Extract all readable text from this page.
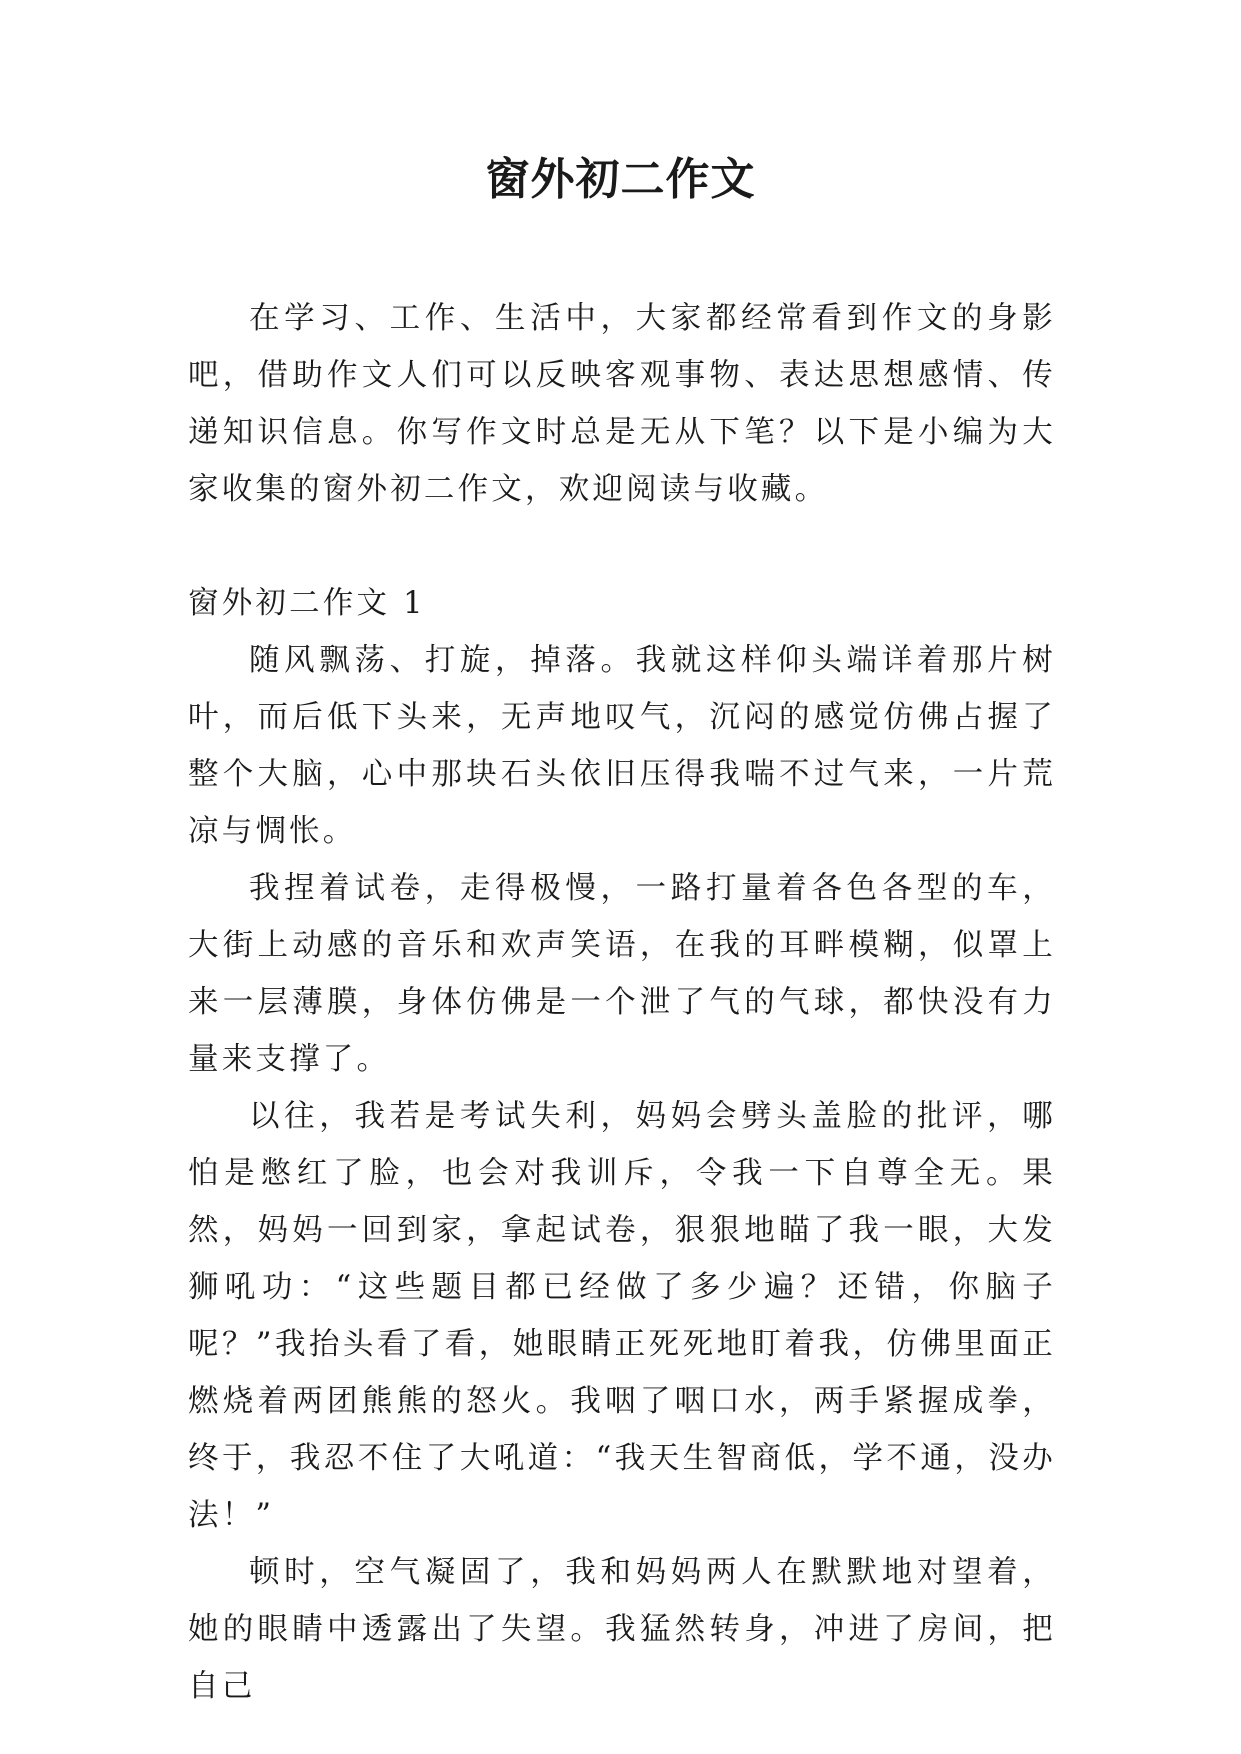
窗外初二作文

在学习、工作、生活中，大家都经常看到作文的身影吧，借助作文人们可以反映客观事物、表达思想感情、传递知识信息。你写作文时总是无从下笔？以下是小编为大家收集的窗外初二作文，欢迎阅读与收藏。

窗外初二作文 1

随风飘荡、打旋，掉落。我就这样仰头端详着那片树叶，而后低下头来，无声地叹气，沉闷的感觉仿佛占握了整个大脑，心中那块石头依旧压得我喘不过气来，一片荒凉与惆怅。

我捏着试卷，走得极慢，一路打量着各色各型的车，大街上动感的音乐和欢声笑语，在我的耳畔模糊，似罩上来一层薄膜，身体仿佛是一个泄了气的气球，都快没有力量来支撑了。

以往，我若是考试失利，妈妈会劈头盖脸的批评，哪怕是憋红了脸，也会对我训斥，令我一下自尊全无。果然，妈妈一回到家，拿起试卷，狠狠地瞄了我一眼，大发狮吼功：“这些题目都已经做了多少遍？还错，你脑子呢？”我抬头看了看，她眼睛正死死地盯着我，仿佛里面正燃烧着两团熊熊的怒火。我咽了咽口水，两手紧握成拳，终于，我忍不住了大吼道：“我天生智商低，学不通，没办法！”

顿时，空气凝固了，我和妈妈两人在默默地对望着，她的眼睛中透露出了失望。我猛然转身，冲进了房间，把自己
